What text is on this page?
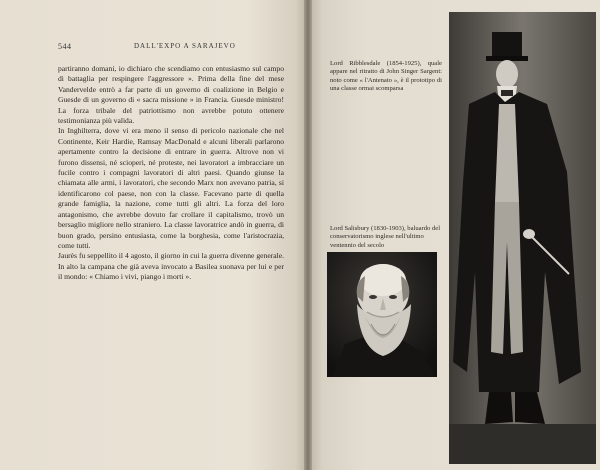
544	DALL'EXPO A SARAJEVO

partiranno domani, io dichiaro che scendiamo con entusiasmo sul campo di battaglia per respingere l'aggressore ». Prima della fine del mese Vandervelde entrò a far parte di un governo di coalizione in Belgio e Guesde di un governo di « sacra missione » in Francia. Guesde ministro! La forza tribale del patriottismo non avrebbe potuto ottenere testimonianza più valida.

In Inghilterra, dove vi era meno il senso di pericolo nazionale che nel Continente, Keir Hardie, Ramsay MacDonald e alcuni liberali parlarono apertamente contro la decisione di entrare in guerra. Altrove non vi furono dissensi, né scioperi, né proteste, nei lavoratori a imbracciare un fucile contro i compagni lavoratori di altri paesi. Quando giunse la chiamata alle armi, i lavoratori, che secondo Marx non avevano patria, si identificarono col paese, non con la classe. Facevano parte di quella grande famiglia, la nazione, come tutti gli altri. La forza del loro antagonismo, che avrebbe dovuto far crollare il capitalismo, trovò un bersaglio migliore nello straniero. La classe lavoratrice andò in guerra, di buon grado, persino entusiasta, come la borghesia, come l'aristocrazia, come tutti.

Jaurès fu seppellito il 4 agosto, il giorno in cui la guerra divenne generale. In alto la campana che già aveva invocato a Basilea suonava per lui e per il mondo: « Chiamo i vivi, piango i morti ».

Lord Ribblesdale (1854-1925), quale appare nel ritratto di John Singer Sargent: noto come « l'Antenato », è il prototipo di una classe ormai scomparsa
Lord Salisbury (1830-1903), baluardo del conservatorismo inglese nell'ultimo ventennio del secolo
